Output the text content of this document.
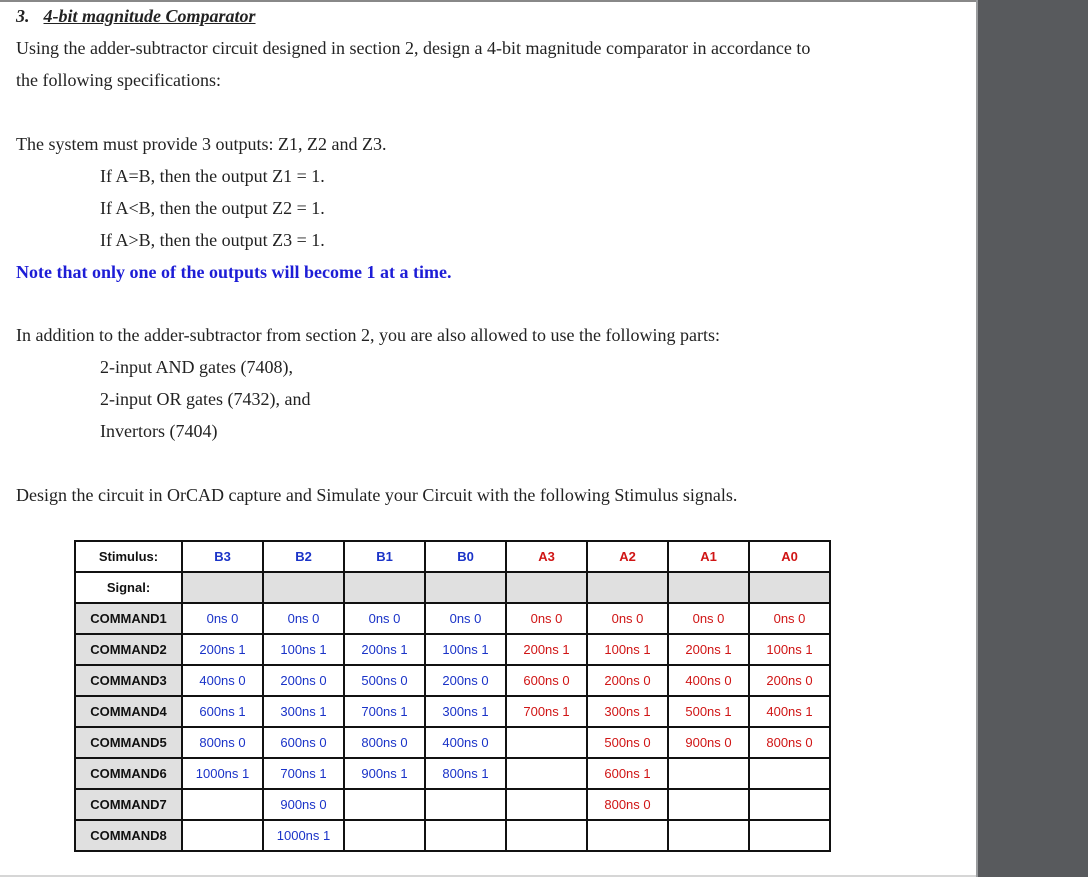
3. 4-bit magnitude Comparator
Using the adder-subtractor circuit designed in section 2, design a 4-bit magnitude comparator in accordance to
the following specifications:
The system must provide 3 outputs: Z1, Z2 and Z3.
If A=B, then the output Z1 = 1.
If A<B, then the output Z2 = 1.
If A>B, then the output Z3 = 1.
Note that only one of the outputs will become 1 at a time.
In addition to the adder-subtractor from section 2, you are also allowed to use the following parts:
2-input AND gates (7408),
2-input OR gates (7432), and
Invertors (7404)
Design the circuit in OrCAD capture and Simulate your Circuit with the following Stimulus signals.
Stimulus:	B3	B2	B1	B0	A3	A2	A1	A0
Signal:								
COMMAND1	0ns 0	0ns 0	0ns 0	0ns 0	0ns 0	0ns 0	0ns 0	0ns 0
COMMAND2	200ns 1	100ns 1	200ns 1	100ns 1	200ns 1	100ns 1	200ns 1	100ns 1
COMMAND3	400ns 0	200ns 0	500ns 0	200ns 0	600ns 0	200ns 0	400ns 0	200ns 0
COMMAND4	600ns 1	300ns 1	700ns 1	300ns 1	700ns 1	300ns 1	500ns 1	400ns 1
COMMAND5	800ns 0	600ns 0	800ns 0	400ns 0		500ns 0	900ns 0	800ns 0
COMMAND6	1000ns 1	700ns 1	900ns 1	800ns 1		600ns 1		
COMMAND7		900ns 0				800ns 0		
COMMAND8		1000ns 1						
